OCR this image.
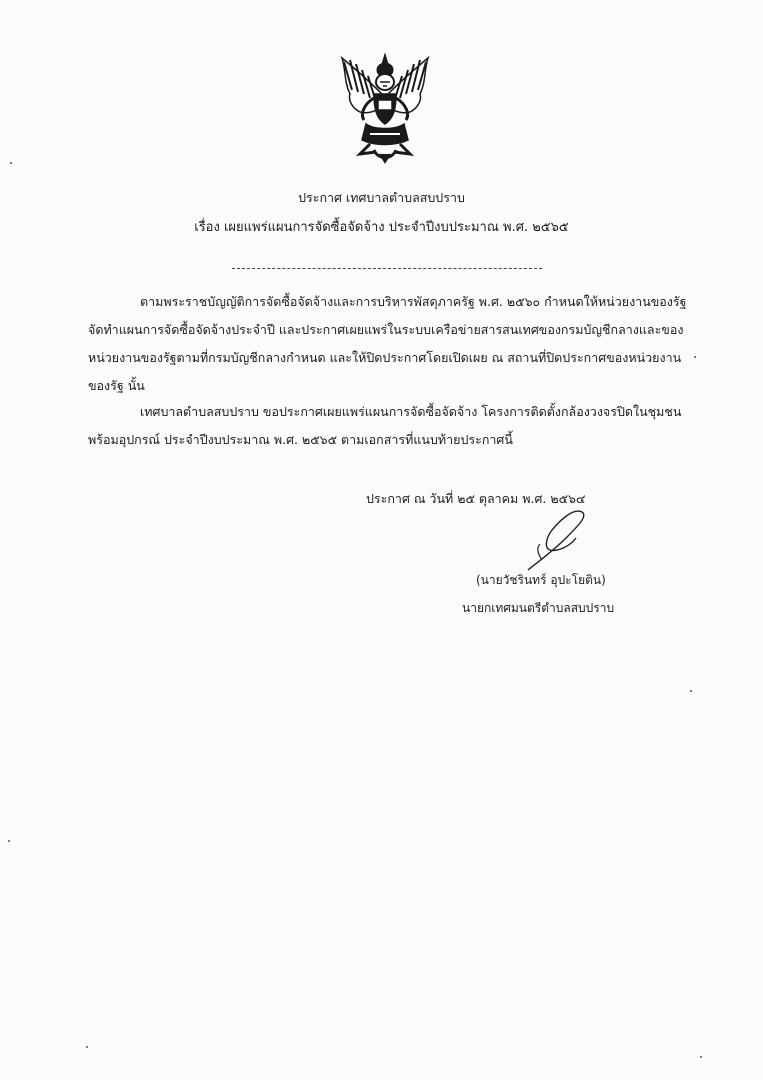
ประกาศ เทศบาลตำบลสบปราบ
เรื่อง เผยแพร่แผนการจัดซื้อจัดจ้าง ประจำปีงบประมาณ พ.ศ. ๒๕๖๕
ตามพระราชบัญญัติการจัดซื้อจัดจ้างและการบริหารพัสดุภาครัฐ พ.ศ. ๒๕๖๐ กำหนดให้หน่วยงานของรัฐ
จัดทำแผนการจัดซื้อจัดจ้างประจำปี และประกาศเผยแพร่ในระบบเครือข่ายสารสนเทศของกรมบัญชีกลางและของ
หน่วยงานของรัฐตามที่กรมบัญชีกลางกำหนด และให้ปิดประกาศโดยเปิดเผย ณ สถานที่ปิดประกาศของหน่วยงาน
ของรัฐ นั้น
เทศบาลตำบลสบปราบ ขอประกาศเผยแพร่แผนการจัดซื้อจัดจ้าง โครงการติดตั้งกล้องวงจรปิดในชุมชน
พร้อมอุปกรณ์ ประจำปีงบประมาณ พ.ศ. ๒๕๖๕ ตามเอกสารที่แนบท้ายประกาศนี้
ประกาศ ณ วันที่ ๒๕ ตุลาคม พ.ศ. ๒๕๖๔
(นายวัชรินทร์ อุปะโยติน)
นายกเทศมนตรีตำบลสบปราบ
